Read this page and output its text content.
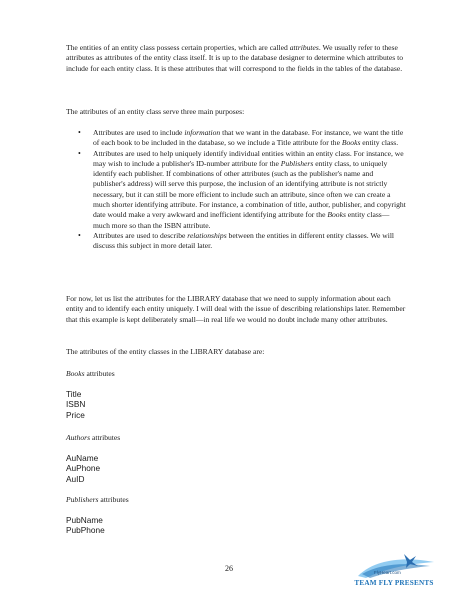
The entities of an entity class possess certain properties, which are called attributes. We usually refer to these attributes as attributes of the entity class itself. It is up to the database designer to determine which attributes to include for each entity class. It is these attributes that will correspond to the fields in the tables of the database.

The attributes of an entity class serve three main purposes:

• Attributes are used to include information that we want in the database. For instance, we want the title of each book to be included in the database, so we include a Title attribute for the Books entity class.
• Attributes are used to help uniquely identify individual entities within an entity class. For instance, we may wish to include a publisher's ID-number attribute for the Publishers entity class, to uniquely identify each publisher. If combinations of other attributes (such as the publisher's name and publisher's address) will serve this purpose, the inclusion of an identifying attribute is not strictly necessary, but it can still be more efficient to include such an attribute, since often we can create a much shorter identifying attribute. For instance, a combination of title, author, publisher, and copyright date would make a very awkward and inefficient identifying attribute for the Books entity class—much more so than the ISBN attribute.
• Attributes are used to describe relationships between the entities in different entity classes. We will discuss this subject in more detail later.

For now, let us list the attributes for the LIBRARY database that we need to supply information about each entity and to identify each entity uniquely. I will deal with the issue of describing relationships later. Remember that this example is kept deliberately small—in real life we would no doubt include many other attributes.

The attributes of the entity classes in the LIBRARY database are:

Books attributes
Title
ISBN
Price
Authors attributes
AuName
AuPhone
AuID
Publishers attributes
PubName
PubPhone
26	FlyHeart.com
TEAM FLY PRESENTS
